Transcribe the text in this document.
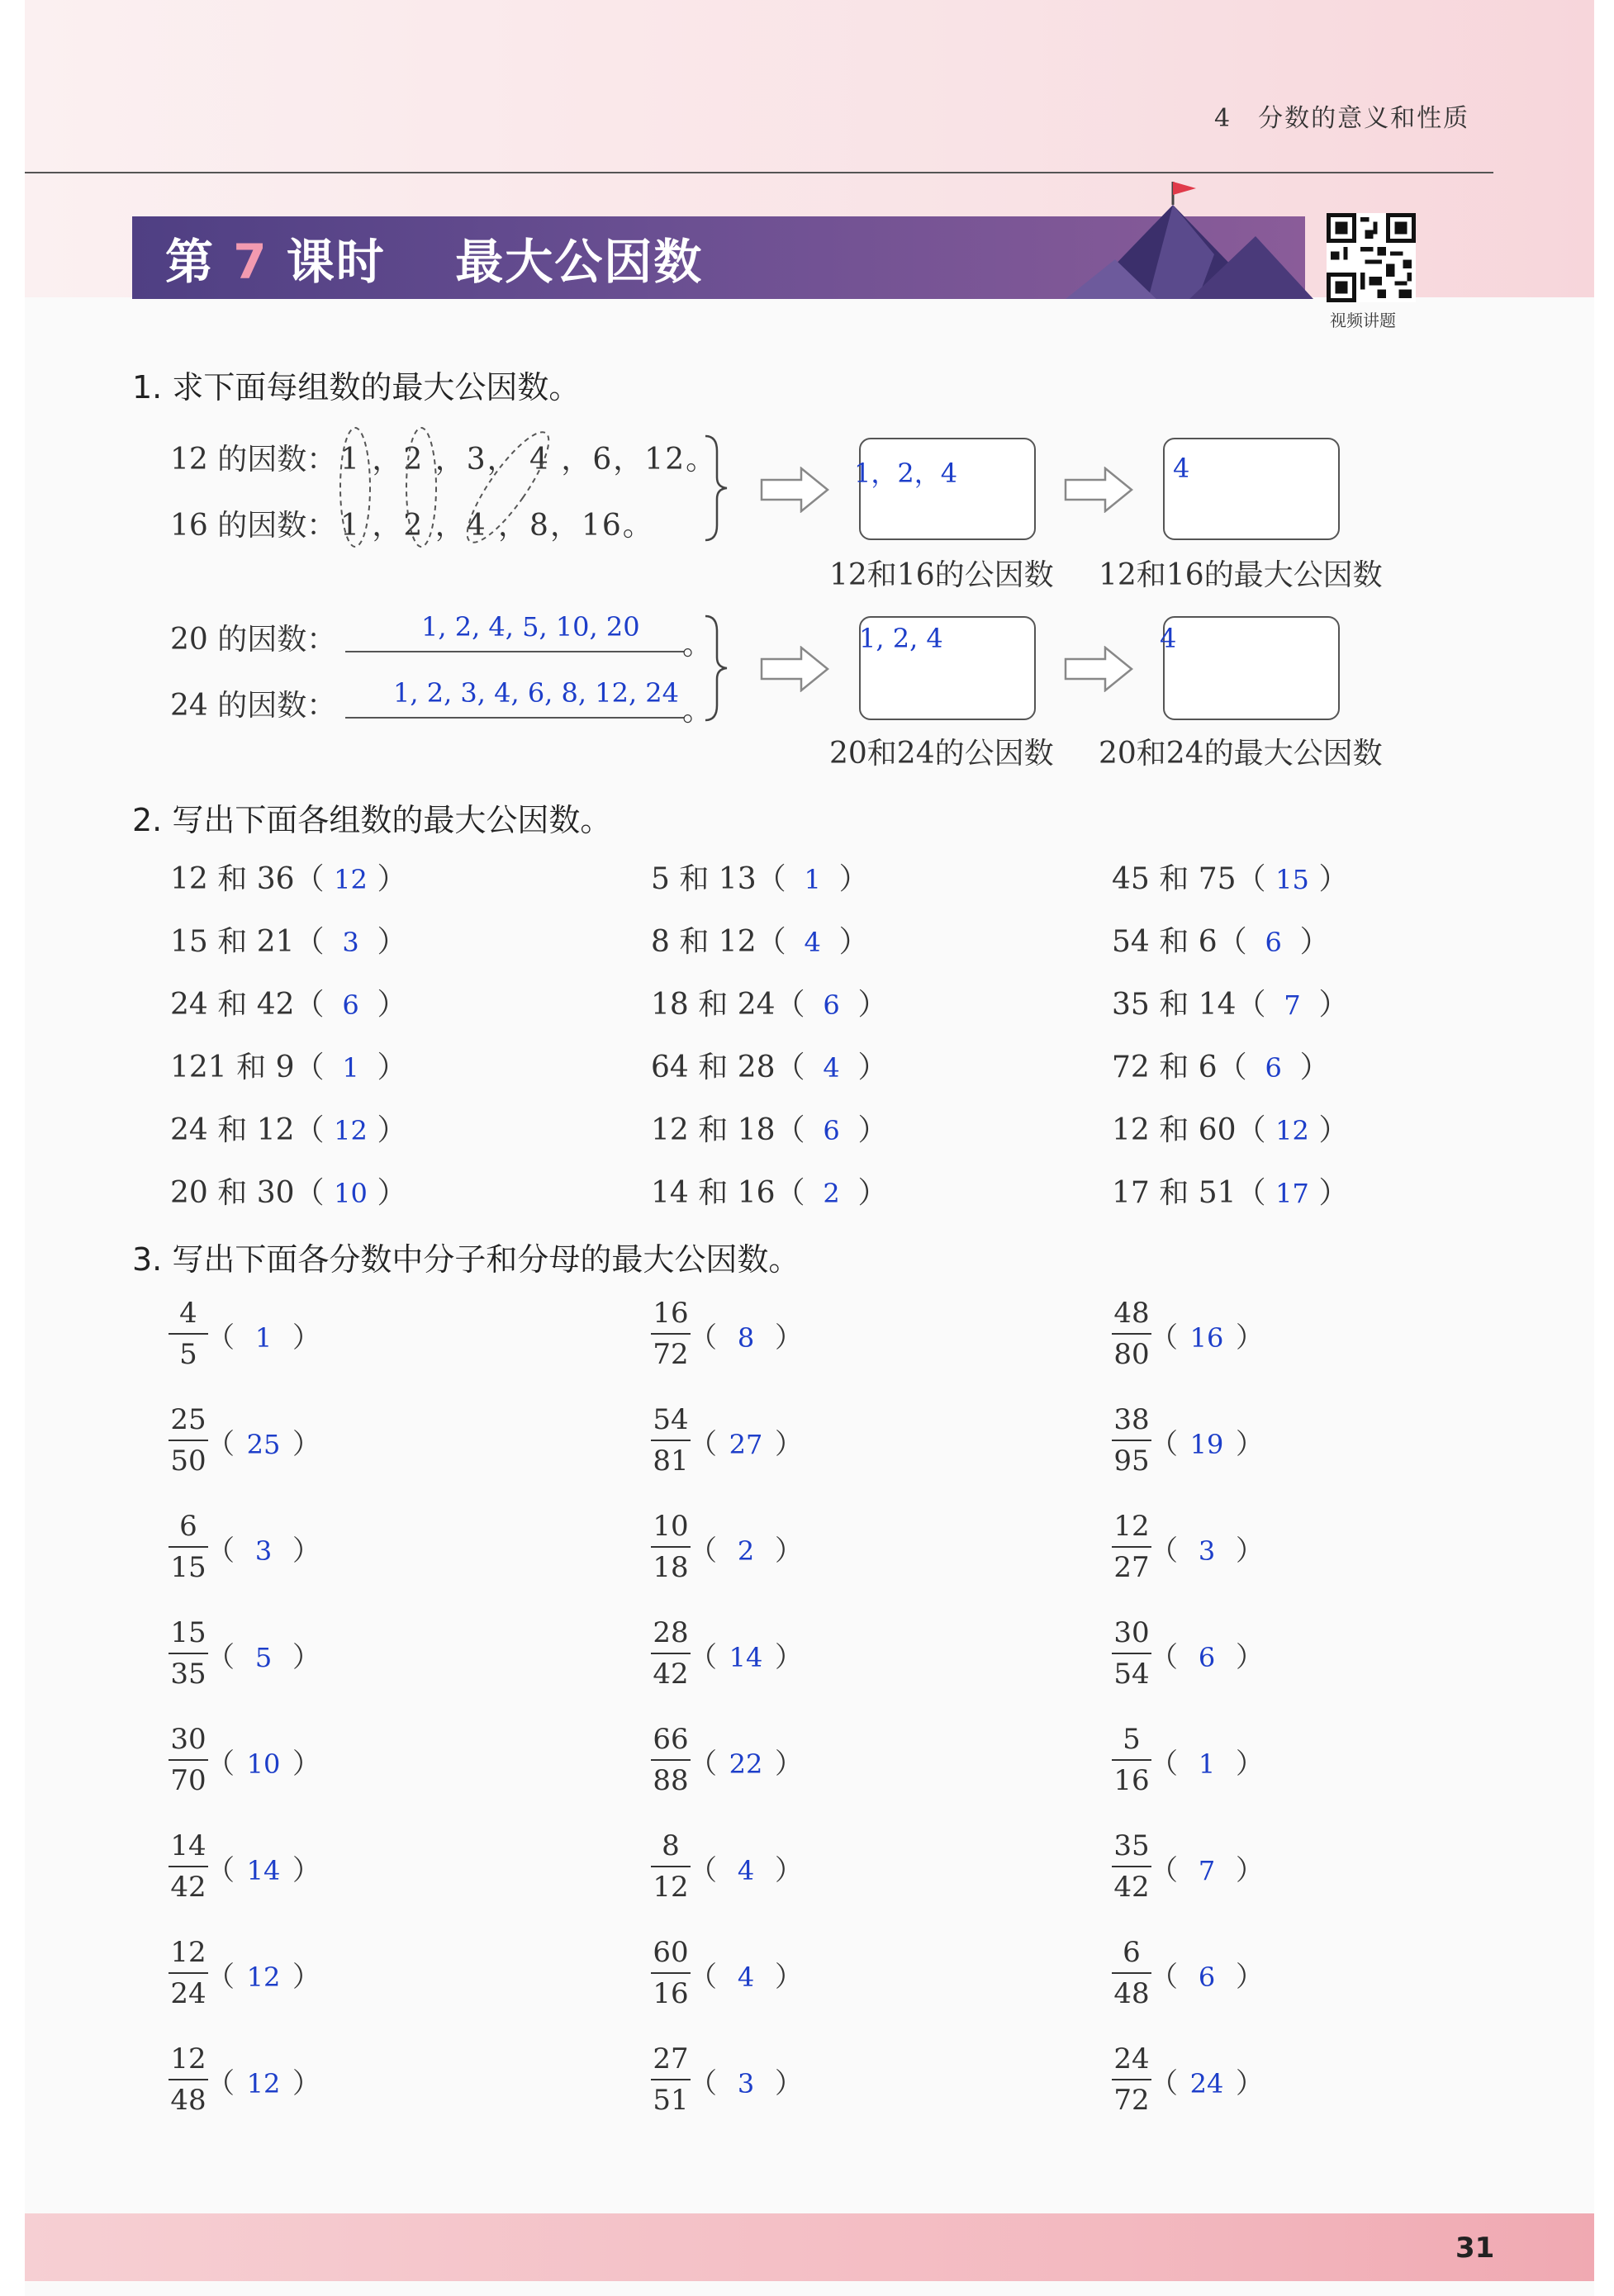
4　分数的意义和性质
第 7 课时 最大公因数
视频讲题
1. 求下面每组数的最大公因数。
12 的因数： 1 ，2 ，3， 4 ，6，12。
16 的因数： 1 ，2 ，4 ，8，16。
1，2，4	4
12和16的公因数 12和16的最大公因数
20 的因数：	1, 2, 4, 5, 10, 20
。
24 的因数： 1, 2, 3, 4, 6, 8, 12, 24
。
1, 2, 4	4
20和24的公因数 20和24的最大公因数
2. 写出下面各组数的最大公因数。
12 和 36（ 12 ）	5 和 13（ 1 ）	45 和 75（ 15 ）
15 和 21（ 3 ）	8 和 12（ 4 ）	54 和 6（ 6 ）
24 和 42（ 6 ）	18 和 24（ 6 ）	35 和 14（ 7 ）
121 和 9（ 1 ）	64 和 28（ 4 ）	72 和 6（ 6 ）
24 和 12（ 12 ）	12 和 18（ 6 ）	12 和 60（ 12 ）
20 和 30（ 10 ）	14 和 16（ 2 ）	17 和 51（ 17 ）
3. 写出下面各分数中分子和分母的最大公因数。
4
5 （ 1 ）
16
72 （ 8 ）
48
80 （ 16 ）
25
50 （ 25 ）
54
81 （ 27 ）
38
95 （ 19 ）
6
15 （ 3 ）
10
18 （ 2 ）
12
27 （ 3 ）
15
35 （ 5 ）
28
42 （ 14 ）
30
54 （ 6 ）
30
70 （ 10 ）
66
88 （ 22 ）
5
16 （ 1 ）
14
42 （ 14 ）
8
12 （ 4 ）
35
42 （ 7 ）
12
24 （ 12 ）
60
16 （ 4 ）
6
48 （ 6 ）
12
48 （ 12 ）
27
51 （ 3 ）
24
72 （ 24 ）
31
